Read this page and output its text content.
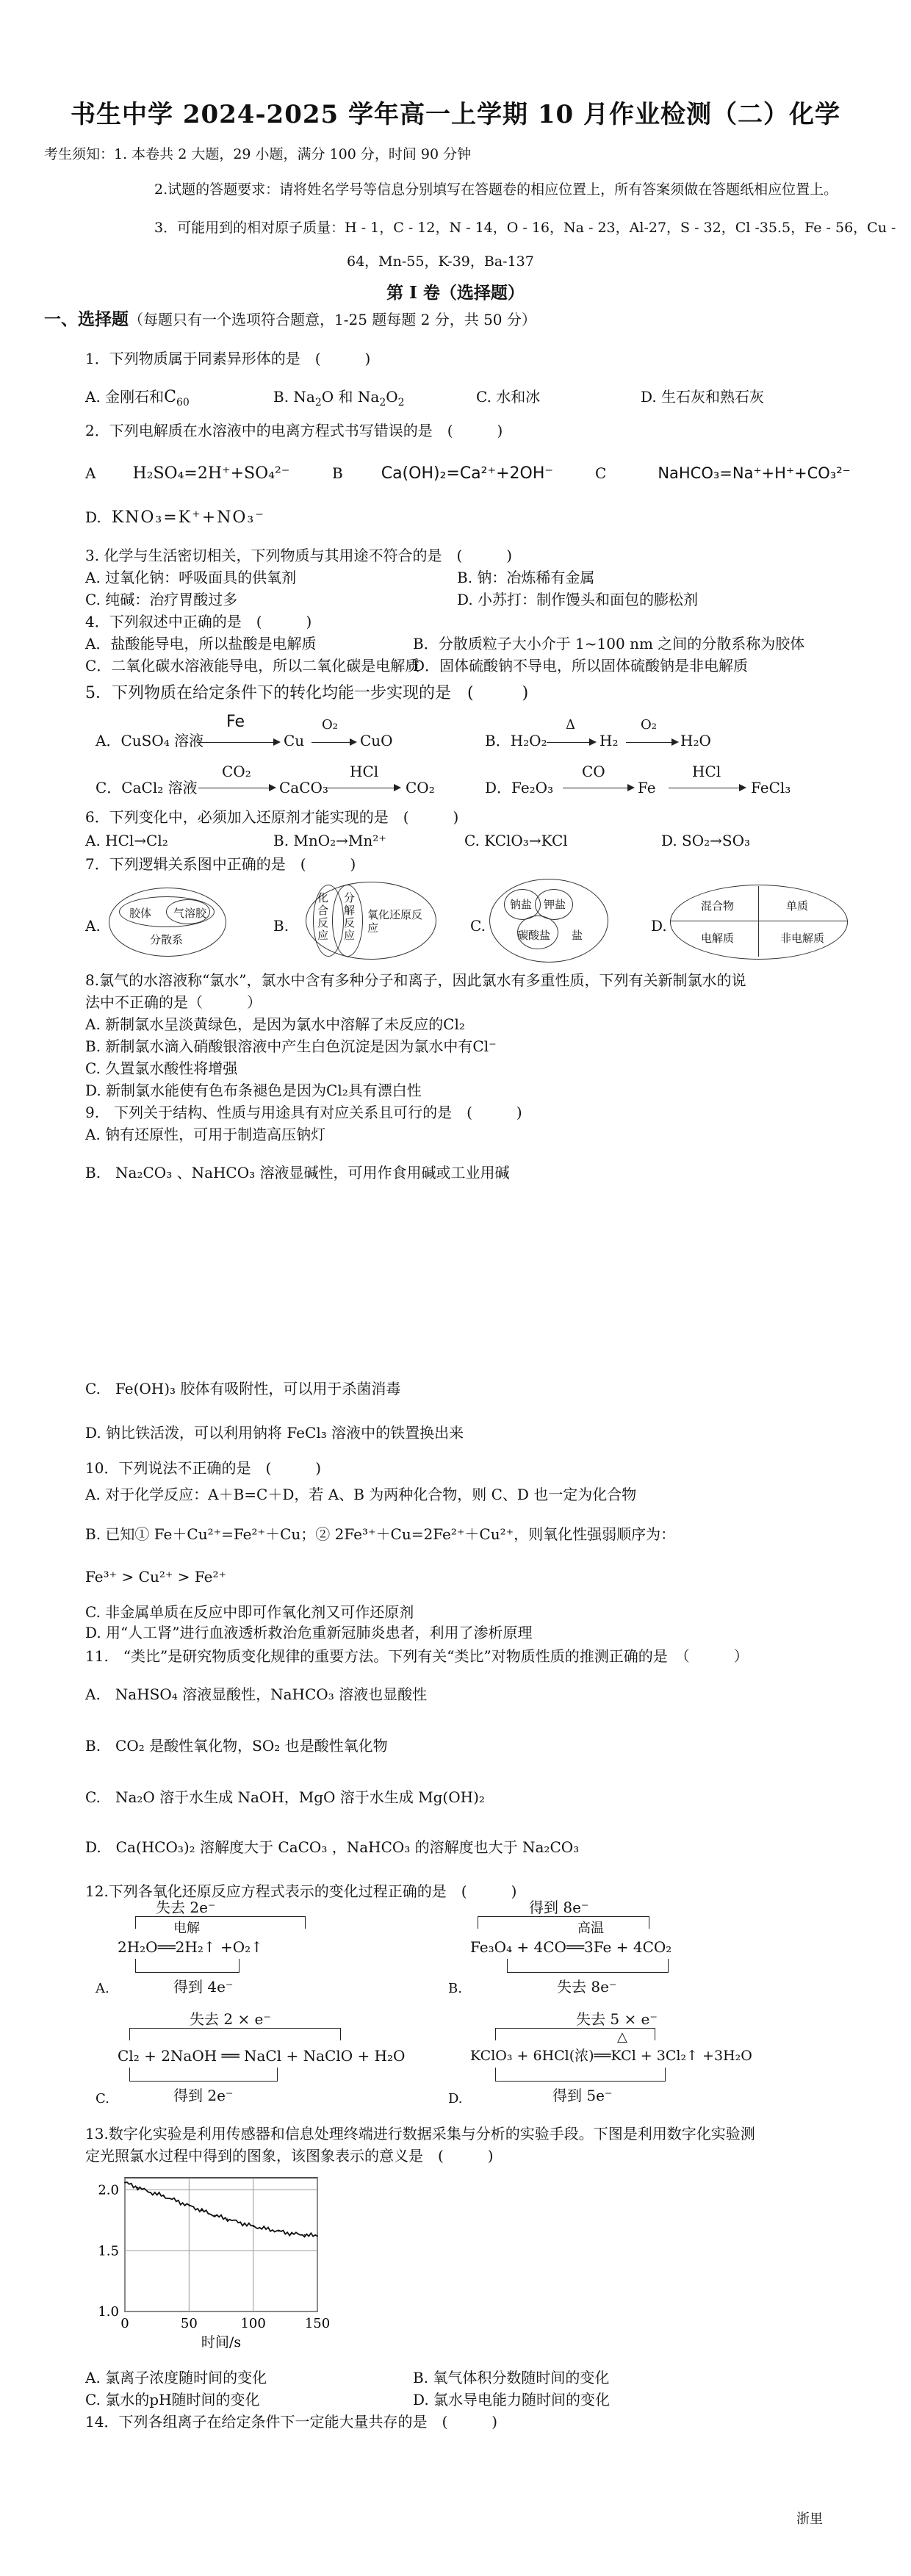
书生中学 2024-2025 学年高一上学期 10 月作业检测（二）化学
考生须知：1. 本卷共 2 大题，29 小题，满分 100 分，时间 90 分钟
2.试题的答题要求：请将姓名学号等信息分别填写在答题卷的相应位置上，所有答案须做在答题纸相应位置上。
3．可能用到的相对原子质量：H - 1，C - 12，N - 14，O - 16，Na - 23，Al-27，S - 32，Cl -35.5，Fe - 56，Cu -
64，Mn-55，K-39，Ba-137
第 I 卷（选择题）
一、选择题（每题只有一个选项符合题意，1-25 题每题 2 分，共 50 分）
1．下列物质属于同素异形体的是　(　　　)
A. 金刚石和$C_{60}$	B. $Na_2O$ 和 $Na_2O_2$	C. 水和冰	D. 生石灰和熟石灰
2．下列电解质在水溶液中的电离方程式书写错误的是　(　　　)
A H₂SO₄=2H⁺+SO₄²⁻	B Ca(OH)₂=Ca²⁺+2OH⁻	C	NaHCO₃=Na⁺+H⁺+CO₃²⁻
D. KNO₃=K⁺+NO₃⁻
3. 化学与生活密切相关，下列物质与其用途不符合的是　(　　　)
A. 过氧化钠：呼吸面具的供氧剂	B. 钠：冶炼稀有金属
C. 纯碱：治疗胃酸过多	D. 小苏打：制作馒头和面包的膨松剂
4．下列叙述中正确的是　(　　　)
A．盐酸能导电，所以盐酸是电解质	B．分散质粒子大小介于 1~100 nm 之间的分散系称为胶体
C．二氧化碳水溶液能导电，所以二氧化碳是电解质
D．固体硫酸钠不导电，所以固体硫酸钠是非电解质
5．下列物质在给定条件下的转化均能一步实现的是　(　　　)
A．CuSO₄ 溶液
Fe
Cu
O₂
CuO	B．H₂O₂
Δ
H₂
O₂
H₂O
C．CaCl₂ 溶液
CO₂
CaCO₃
HCl
CO₂	D．Fe₂O₃
CO
Fe
HCl
FeCl₃
6．下列变化中，必须加入还原剂才能实现的是　(　　　)
A. HCl→Cl₂	B. MnO₂→Mn²⁺	C. KClO₃→KCl	D. SO₂→SO₃
7．下列逻辑关系图中正确的是　(　　　)
A.
胶体 气溶胶
分散系
B.
化合反应
分解反应
氧化还原反应	C.
钠盐 钾盐
碳酸盐 盐
D.
混合物	单质
电解质	非电解质
8.氯气的水溶液称“氯水”，氯水中含有多种分子和离子，因此氯水有多重性质，下列有关新制氯水的说
法中不正确的是（　　　）
A. 新制氯水呈淡黄绿色，是因为氯水中溶解了未反应的Cl₂
B. 新制氯水滴入硝酸银溶液中产生白色沉淀是因为氯水中有Cl⁻
C. 久置氯水酸性将增强
D. 新制氯水能使有色布条褪色是因为Cl₂具有漂白性
9.　下列关于结构、性质与用途具有对应关系且可行的是　(　　　)
A. 钠有还原性，可用于制造高压钠灯
B.　Na₂CO₃ 、NaHCO₃ 溶液显碱性，可用作食用碱或工业用碱
C.　Fe(OH)₃ 胶体有吸附性，可以用于杀菌消毒
D. 钠比铁活泼，可以利用钠将 FeCl₃ 溶液中的铁置换出来
10．下列说法不正确的是　(　　　)
A. 对于化学反应：A＋B=C＋D，若 A、B 为两种化合物，则 C、D 也一定为化合物
B. 已知① Fe＋Cu²⁺=Fe²⁺＋Cu；② 2Fe³⁺＋Cu=2Fe²⁺＋Cu²⁺，则氧化性强弱顺序为：
Fe³⁺ > Cu²⁺ > Fe²⁺
C. 非金属单质在反应中即可作氧化剂又可作还原剂
D. 用“人工肾”进行血液透析救治危重新冠肺炎患者，利用了渗析原理
11.　“类比”是研究物质变化规律的重要方法。下列有关“类比”对物质性质的推测正确的是　（　　　）
A.　NaHSO₄ 溶液显酸性，NaHCO₃ 溶液也显酸性
B.　CO₂ 是酸性氧化物，SO₂ 也是酸性氧化物
C.　Na₂O 溶于水生成 NaOH，MgO 溶于水生成 Mg(OH)₂
D.　Ca(HCO₃)₂ 溶解度大于 CaCO₃ ，NaHCO₃ 的溶解度也大于 Na₂CO₃
12.下列各氧化还原反应方程式表示的变化过程正确的是　(　　　)
失去 2e⁻
电解
2H₂O══2H₂↑ +O₂↑
得到 4e⁻
A.
得到 8e⁻
高温
Fe₃O₄ + 4CO══3Fe + 4CO₂
失去 8e⁻
B.
失去 2 × e⁻
Cl₂ + 2NaOH ══ NaCl + NaClO + H₂O
得到 2e⁻
C.
失去 5 × e⁻
△
KClO₃ + 6HCl(浓)══KCl + 3Cl₂↑ +3H₂O
得到 5e⁻
D.
13.数字化实验是利用传感器和信息处理终端进行数据采集与分析的实验手段。下图是利用数字化实验测
定光照氯水过程中得到的图象，该图象表示的意义是　(　　　)
1.0
1.5
2.0
0	50	100	150
时间/s
A. 氯离子浓度随时间的变化	B. 氧气体积分数随时间的变化
C. 氯水的pH随时间的变化	D. 氯水导电能力随时间的变化
14．下列各组离子在给定条件下一定能大量共存的是　(　　　)
浙里
